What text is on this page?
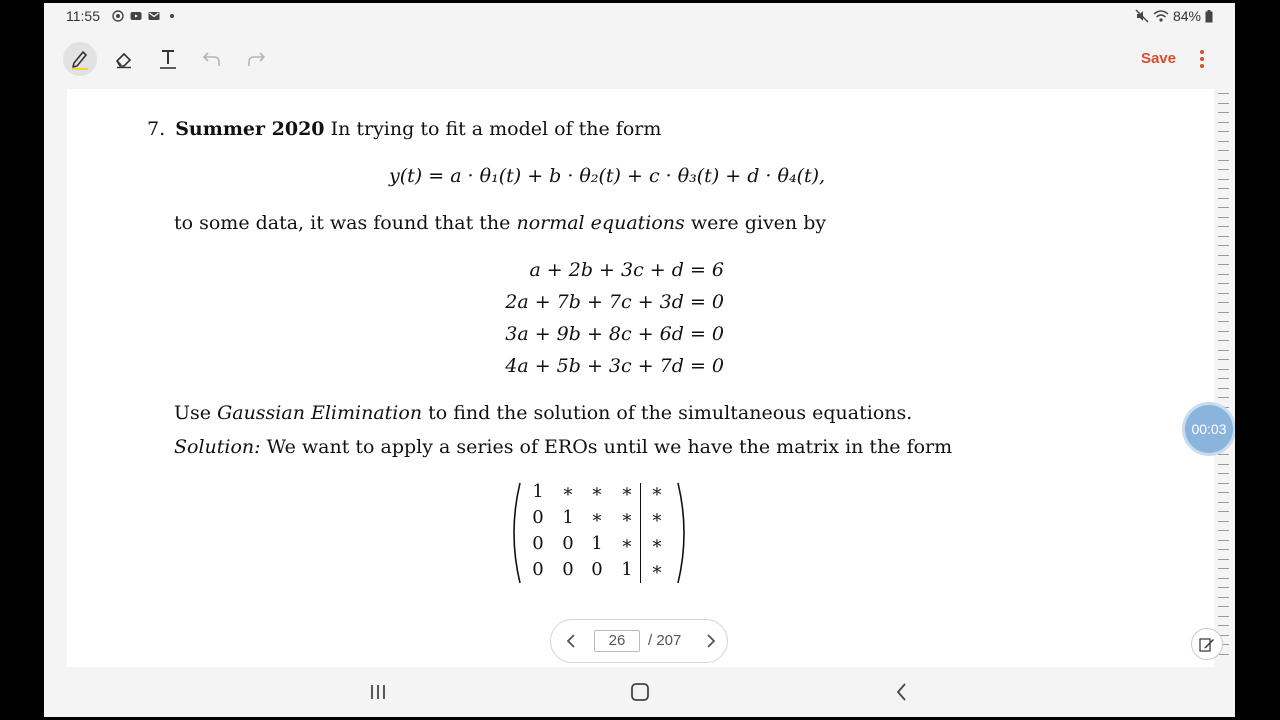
11:55	84%
Save
7. Summer 2020 In trying to fit a model of the form
y(t) = a · θ₁(t) + b · θ₂(t) + c · θ₃(t) + d · θ₄(t),
to some data, it was found that the normal equations were given by
a + 2b + 3c + d = 6
2a + 7b + 7c + 3d = 0
3a + 9b + 8c + 6d = 0
4a + 5b + 3c + 7d = 0
Use Gaussian Elimination to find the solution of the simultaneous equations.
Solution: We want to apply a series of EROs until we have the matrix in the form
1	∗ ∗ ∗ ∗
0	1 ∗ ∗ ∗
0	0 1	∗ ∗
0	0 0	1	∗
26	/ 207
00:03
